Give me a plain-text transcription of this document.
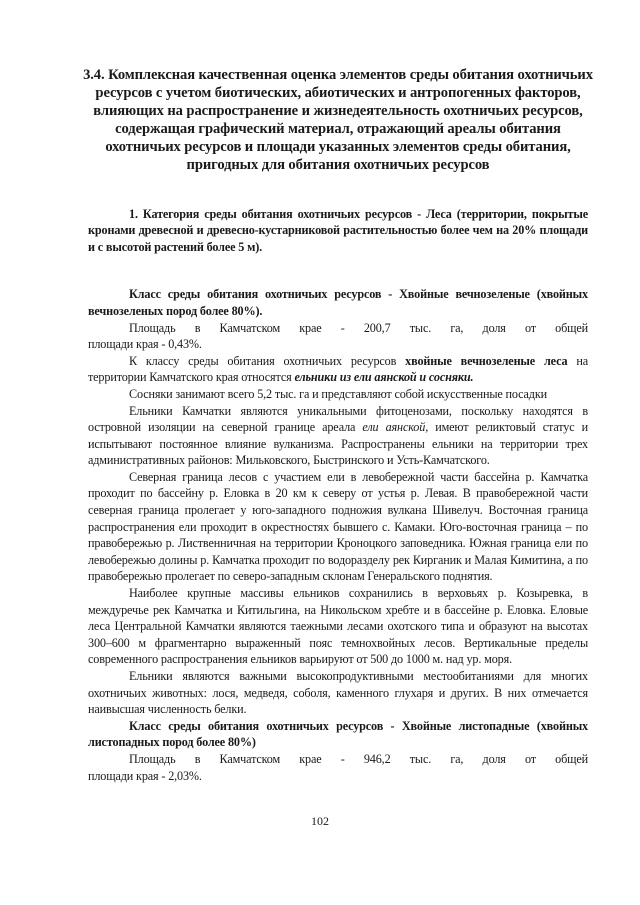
3.4. Комплексная качественная оценка элементов среды обитания охотничьих ресурсов с учетом биотических, абиотических и антропогенных факторов, влияющих на распространение и жизнедеятельность охотничьих ресурсов, содержащая графический материал, отражающий ареалы обитания охотничьих ресурсов и площади указанных элементов среды обитания, пригодных для обитания охотничьих ресурсов

1. Категория среды обитания охотничьих ресурсов - Леса (территории, покрытые кронами древесной и древесно-кустарниковой растительностью более чем на 20% площади и с высотой растений более 5 м).

Класс среды обитания охотничьих ресурсов - Хвойные вечнозеленые (хвойных вечнозеленых пород более 80%).

Площадь в Камчатском крае - 200,7 тыс. га, доля от общей

площади края - 0,43%.

К классу среды обитания охотничьих ресурсов хвойные вечнозеленые леса на территории Камчатского края относятся ельники из ели аянской и сосняки.

Сосняки занимают всего 5,2 тыс. га и представляют собой искусственные посадки

Ельники Камчатки являются уникальными фитоценозами, поскольку находятся в островной изоляции на северной границе ареала ели аянской, имеют реликтовый статус и испытывают постоянное влияние вулканизма. Распространены ельники на территории трех административных районов: Мильковского, Быстринского и Усть-Камчатского.

Северная граница лесов с участием ели в левобережной части бассейна р. Камчатка проходит по бассейну р. Еловка в 20 км к северу от устья р. Левая. В правобережной части северная граница пролегает у юго-западного подножия вулкана Шивелуч. Восточная граница распространения ели проходит в окрестностях бывшего с. Камаки. Юго-восточная граница – по правобережью р. Лиственничная на территории Кроноцкого заповедника. Южная граница ели по левобережью долины р. Камчатка проходит по водоразделу рек Кирганик и Малая Кимитина, а по правобережью пролегает по северо-западным склонам Генеральского поднятия.

Наиболее крупные массивы ельников сохранились в верховьях р. Козыревка, в междуречье рек Камчатка и Китильгина, на Никольском хребте и в бассейне р. Еловка. Еловые леса Центральной Камчатки являются таежными лесами охотского типа и образуют на высотах 300–600 м фрагментарно выраженный пояс темнохвойных лесов. Вертикальные пределы современного распространения ельников варьируют от 500 до 1000 м. над ур. моря.

Ельники являются важными высокопродуктивными местообитаниями для многих охотничьих животных: лося, медведя, соболя, каменного глухаря и других. В них отмечается наивысшая численность белки.

Класс среды обитания охотничьих ресурсов - Хвойные листопадные (хвойных листопадных пород более 80%)

Площадь в Камчатском крае - 946,2 тыс. га, доля от общей

площади края - 2,03%.

102
